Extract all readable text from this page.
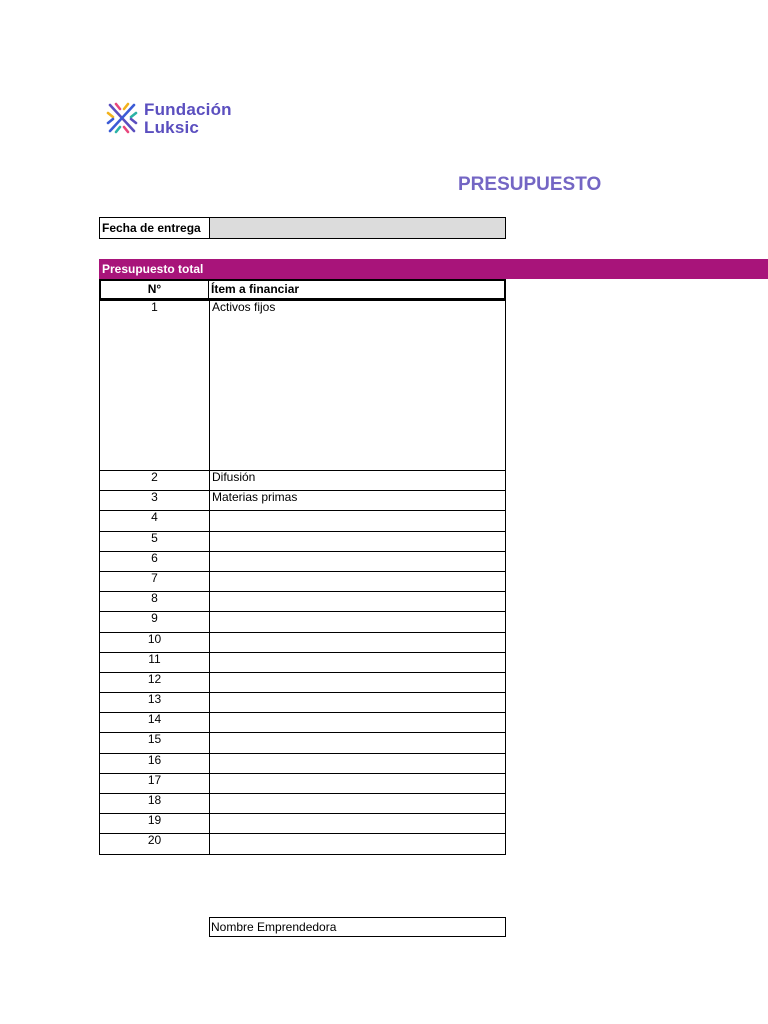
Fundación
Luksic
PRESUPUESTO
Fecha de entrega
Presupuesto total
N°	Ítem a financiar
1	Activos fijos
2	Difusión
3	Materias primas
4	
5	
6	
7	
8	
9	
10	
11	
12	
13	
14	
15	
16	
17	
18	
19	
20	
Nombre Emprendedora
